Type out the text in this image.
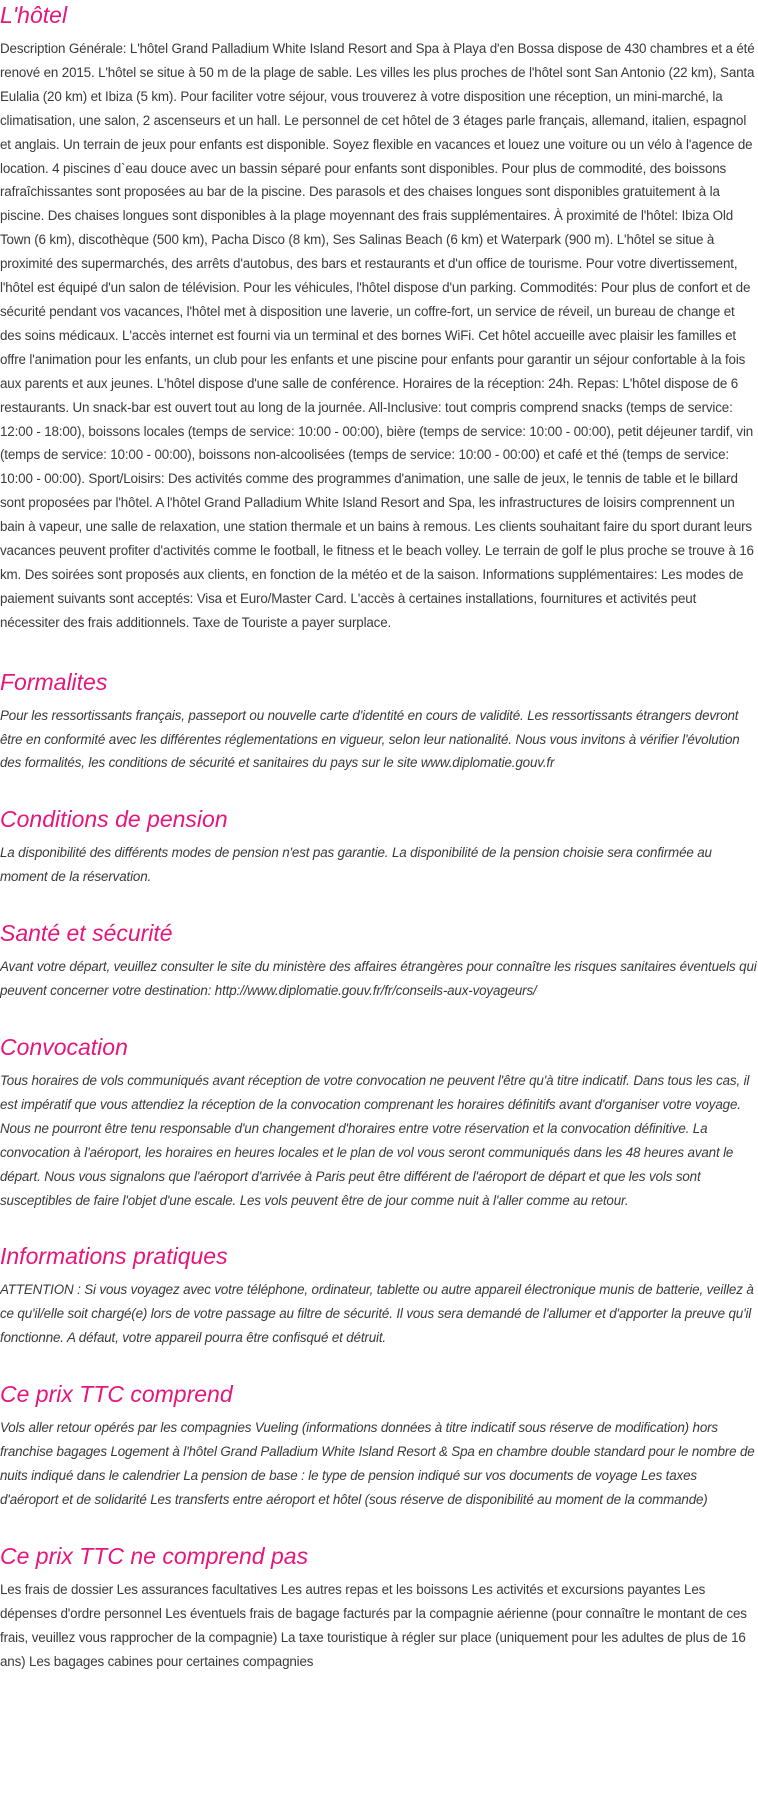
L'hôtel

Description Générale: L'hôtel Grand Palladium White Island Resort and Spa à Playa d'en Bossa dispose de 430 chambres et a été renové en 2015. L'hôtel se situe à 50 m de la plage de sable. Les villes les plus proches de l'hôtel sont San Antonio (22 km), Santa Eulalia (20 km) et Ibiza (5 km). Pour faciliter votre séjour, vous trouverez à votre disposition une réception, un mini-marché, la climatisation, une salon, 2 ascenseurs et un hall. Le personnel de cet hôtel de 3 étages parle français, allemand, italien, espagnol et anglais. Un terrain de jeux pour enfants est disponible. Soyez flexible en vacances et louez une voiture ou un vélo à l'agence de location. 4 piscines d`eau douce avec un bassin séparé pour enfants sont disponibles. Pour plus de commodité, des boissons rafraîchissantes sont proposées au bar de la piscine. Des parasols et des chaises longues sont disponibles gratuitement à la piscine. Des chaises longues sont disponibles à la plage moyennant des frais supplémentaires. À proximité de l'hôtel: Ibiza Old Town (6 km), discothèque (500 km), Pacha Disco (8 km), Ses Salinas Beach (6 km) et Waterpark (900 m). L'hôtel se situe à proximité des supermarchés, des arrêts d'autobus, des bars et restaurants et d'un office de tourisme. Pour votre divertissement, l'hôtel est équipé d'un salon de télévision. Pour les véhicules, l'hôtel dispose d'un parking. Commodités: Pour plus de confort et de sécurité pendant vos vacances, l'hôtel met à disposition une laverie, un coffre-fort, un service de réveil, un bureau de change et des soins médicaux. L'accès internet est fourni via un terminal et des bornes WiFi. Cet hôtel accueille avec plaisir les familles et offre l'animation pour les enfants, un club pour les enfants et une piscine pour enfants pour garantir un séjour confortable à la fois aux parents et aux jeunes. L'hôtel dispose d'une salle de conférence. Horaires de la réception: 24h. Repas: L'hôtel dispose de 6 restaurants. Un snack-bar est ouvert tout au long de la journée. All-Inclusive: tout compris comprend snacks (temps de service: 12:00 - 18:00), boissons locales (temps de service: 10:00 - 00:00), bière (temps de service: 10:00 - 00:00), petit déjeuner tardif, vin (temps de service: 10:00 - 00:00), boissons non-alcoolisées (temps de service: 10:00 - 00:00) et café et thé (temps de service: 10:00 - 00:00). Sport/Loisirs: Des activités comme des programmes d'animation, une salle de jeux, le tennis de table et le billard sont proposées par l'hôtel. A l'hôtel Grand Palladium White Island Resort and Spa, les infrastructures de loisirs comprennent un bain à vapeur, une salle de relaxation, une station thermale et un bains à remous. Les clients souhaitant faire du sport durant leurs vacances peuvent profiter d'activités comme le football, le fitness et le beach volley. Le terrain de golf le plus proche se trouve à 16 km. Des soirées sont proposés aux clients, en fonction de la météo et de la saison. Informations supplémentaires: Les modes de paiement suivants sont acceptés: Visa et Euro/Master Card. L'accès à certaines installations, fournitures et activités peut nécessiter des frais additionnels. Taxe de Touriste a payer surplace.

Formalites

Pour les ressortissants français, passeport ou nouvelle carte d'identité en cours de validité. Les ressortissants étrangers devront être en conformité avec les différentes réglementations en vigueur, selon leur nationalité. Nous vous invitons à vérifier l'évolution des formalités, les conditions de sécurité et sanitaires du pays sur le site www.diplomatie.gouv.fr

Conditions de pension

La disponibilité des différents modes de pension n'est pas garantie. La disponibilité de la pension choisie sera confirmée au moment de la réservation.

Santé et sécurité

Avant votre départ, veuillez consulter le site du ministère des affaires étrangères pour connaître les risques sanitaires éventuels qui peuvent concerner votre destination: http://www.diplomatie.gouv.fr/fr/conseils-aux-voyageurs/

Convocation

Tous horaires de vols communiqués avant réception de votre convocation ne peuvent l'être qu'à titre indicatif. Dans tous les cas, il est impératif que vous attendiez la réception de la convocation comprenant les horaires définitifs avant d'organiser votre voyage. Nous ne pourront être tenu responsable d'un changement d'horaires entre votre réservation et la convocation définitive. La convocation à l'aéroport, les horaires en heures locales et le plan de vol vous seront communiqués dans les 48 heures avant le départ. Nous vous signalons que l'aéroport d'arrivée à Paris peut être différent de l'aéroport de départ et que les vols sont susceptibles de faire l'objet d'une escale. Les vols peuvent être de jour comme nuit à l'aller comme au retour.

Informations pratiques

ATTENTION : Si vous voyagez avec votre téléphone, ordinateur, tablette ou autre appareil électronique munis de batterie, veillez à ce qu'il/elle soit chargé(e) lors de votre passage au filtre de sécurité. Il vous sera demandé de l'allumer et d'apporter la preuve qu'il fonctionne. A défaut, votre appareil pourra être confisqué et détruit.

Ce prix TTC comprend

Vols aller retour opérés par les compagnies Vueling (informations données à titre indicatif sous réserve de modification) hors franchise bagages Logement à l'hôtel Grand Palladium White Island Resort & Spa en chambre double standard pour le nombre de nuits indiqué dans le calendrier La pension de base : le type de pension indiqué sur vos documents de voyage Les taxes d'aéroport et de solidarité Les transferts entre aéroport et hôtel (sous réserve de disponibilité au moment de la commande)

Ce prix TTC ne comprend pas

Les frais de dossier Les assurances facultatives Les autres repas et les boissons Les activités et excursions payantes Les dépenses d'ordre personnel Les éventuels frais de bagage facturés par la compagnie aérienne (pour connaître le montant de ces frais, veuillez vous rapprocher de la compagnie) La taxe touristique à régler sur place (uniquement pour les adultes de plus de 16 ans) Les bagages cabines pour certaines compagnies
